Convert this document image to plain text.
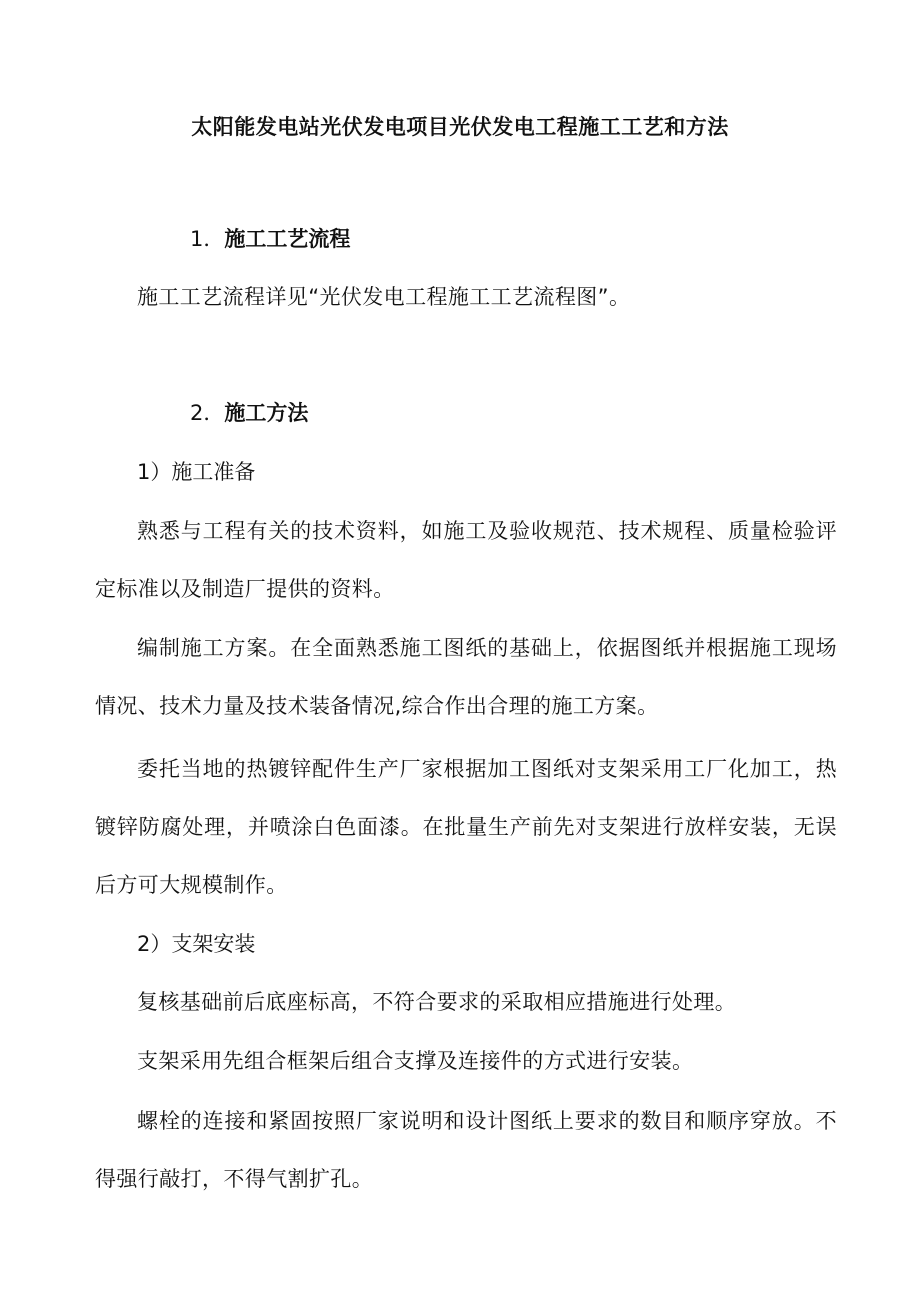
太阳能发电站光伏发电项目光伏发电工程施工工艺和方法
1．施工工艺流程
施工工艺流程详见“光伏发电工程施工工艺流程图”。
2．施工方法
1）施工准备
熟悉与工程有关的技术资料，如施工及验收规范、技术规程、质量检验评定标准以及制造厂提供的资料。
编制施工方案。在全面熟悉施工图纸的基础上，依据图纸并根据施工现场情况、技术力量及技术装备情况,综合作出合理的施工方案。
委托当地的热镀锌配件生产厂家根据加工图纸对支架采用工厂化加工，热镀锌防腐处理，并喷涂白色面漆。在批量生产前先对支架进行放样安装，无误后方可大规模制作。
2）支架安装
复核基础前后底座标高，不符合要求的采取相应措施进行处理。
支架采用先组合框架后组合支撑及连接件的方式进行安装。
螺栓的连接和紧固按照厂家说明和设计图纸上要求的数目和顺序穿放。不得强行敲打，不得气割扩孔。
